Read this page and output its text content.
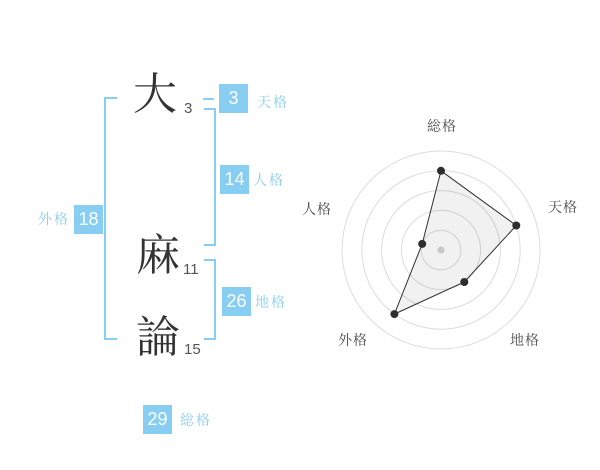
大 3
麻 11
論 15
3	天格
14 人格
26 地格
18
外格
29 総格
総格
天格
地格
外格
人格
